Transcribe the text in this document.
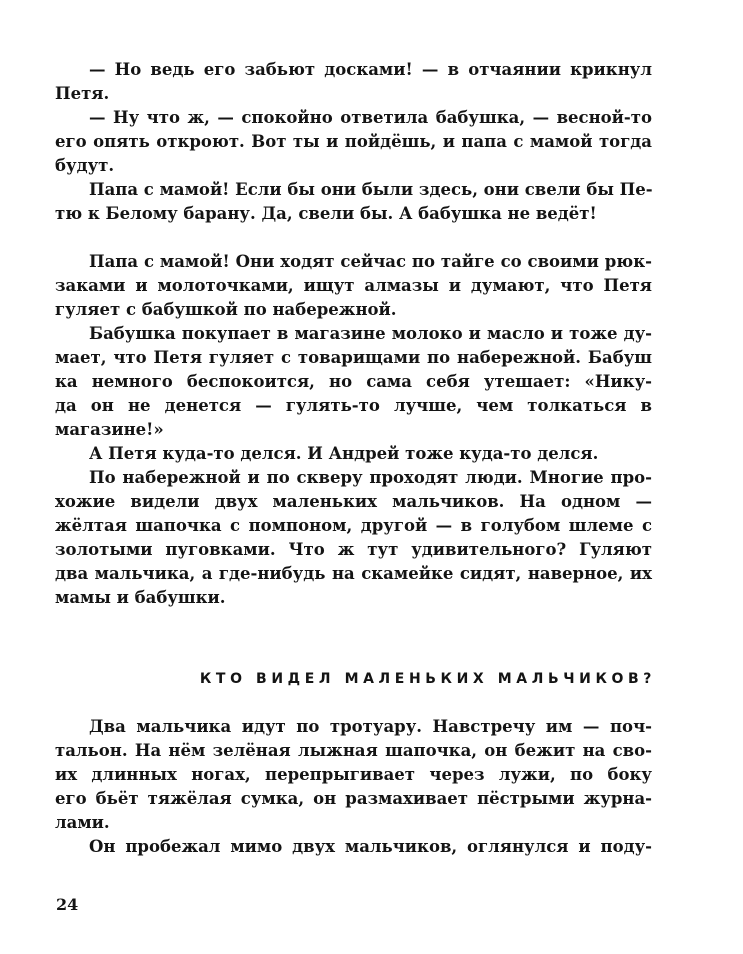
— Но ведь его забьют досками! — в отчаянии крикнул
Петя.
— Ну что ж, — спокойно ответила бабушка, — весной-то
его опять откроют. Вот ты и пойдёшь, и папа с мамой тогда
будут.
Папа с мамой! Если бы они были здесь, они свели бы Пе-
тю к Белому барану. Да, свели бы. А бабушка не ведёт!
Папа с мамой! Они ходят сейчас по тайге со своими рюк-
заками и молоточками, ищут алмазы и думают, что Петя
гуляет с бабушкой по набережной.
Бабушка покупает в магазине молоко и масло и тоже ду-
мает, что Петя гуляет с товарищами по набережной. Бабуш
ка немного беспокоится, но сама себя утешает: «Нику-
да он не денется — гулять-то лучше, чем толкаться в
магазине!»
А Петя куда-то делся. И Андрей тоже куда-то делся.
По набережной и по скверу проходят люди. Многие про-
хожие видели двух маленьких мальчиков. На одном —
жёлтая шапочка с помпоном, другой — в голубом шлеме с
золотыми пуговками. Что ж тут удивительного? Гуляют
два мальчика, а где-нибудь на скамейке сидят, наверное, их
мамы и бабушки.
КТО ВИДЕЛ МАЛЕНЬКИХ МАЛЬЧИКОВ?
Два мальчика идут по тротуару. Навстречу им — поч-
тальон. На нём зелёная лыжная шапочка, он бежит на сво-
их длинных ногах, перепрыгивает через лужи, по боку
его бьёт тяжёлая сумка, он размахивает пёстрыми журна-
лами.
Он пробежал мимо двух мальчиков, оглянулся и поду-
24
